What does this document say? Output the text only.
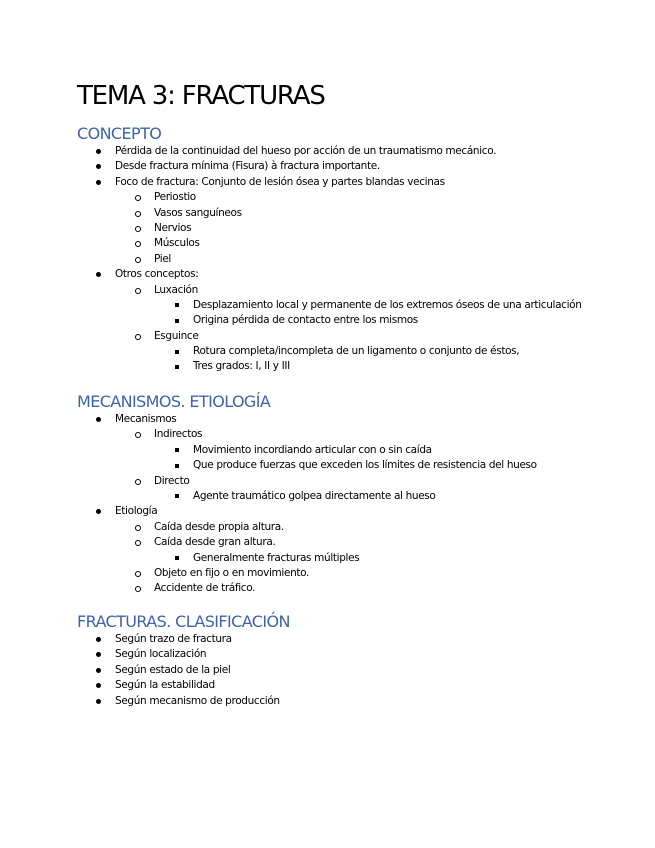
TEMA 3: FRACTURAS
CONCEPTO
Pérdida de la continuidad del hueso por acción de un traumatismo mecánico.
Desde fractura mínima (Fisura) à fractura importante.
Foco de fractura: Conjunto de lesión ósea y partes blandas vecinas
Periostio
Vasos sanguíneos
Nervios
Músculos
Piel
Otros conceptos:
Luxación
Desplazamiento local y permanente de los extremos óseos de una articulación
Origina pérdida de contacto entre los mismos
Esguince
Rotura completa/incompleta de un ligamento o conjunto de éstos,
Tres grados: I, II y III
MECANISMOS. ETIOLOGÍA
Mecanismos
Indirectos
Movimiento incordiando articular con o sin caída
Que produce fuerzas que exceden los límites de resistencia del hueso
Directo
Agente traumático golpea directamente al hueso
Etiología
Caída desde propia altura.
Caída desde gran altura.
Generalmente fracturas múltiples
Objeto en fijo o en movimiento.
Accidente de tráfico.
FRACTURAS. CLASIFICACIÓN
Según trazo de fractura
Según localización
Según estado de la piel
Según la estabilidad
Según mecanismo de producción
